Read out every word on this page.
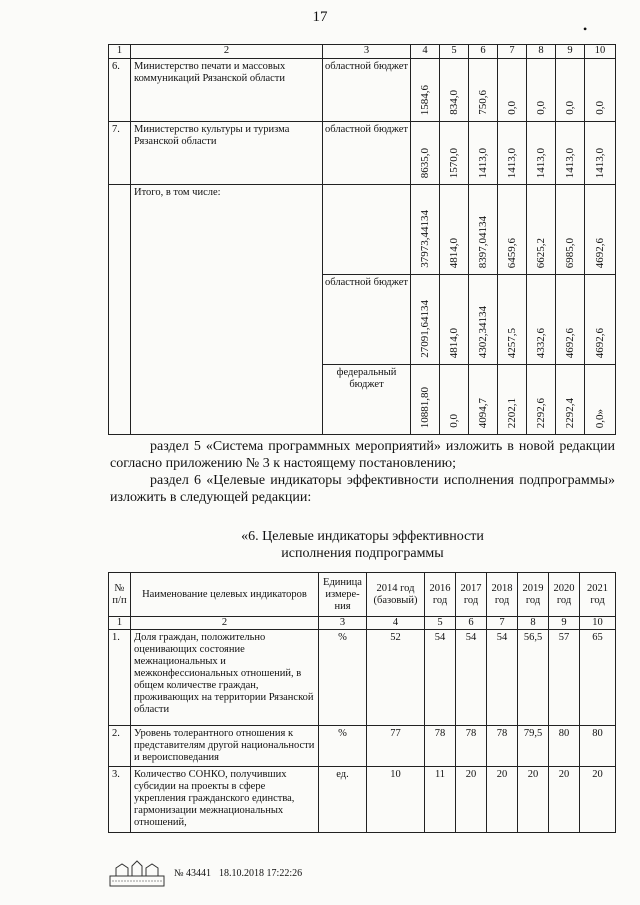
17
•
1	2	3	4	5	6	7	8	9	10
6.	Министерство печати и массовых коммуникаций Рязанской области	областной бюджет	1584,6	834,0	750,6	0,0	0,0	0,0	0,0

7.	Министерство культуры и туризма Рязанской области	областной бюджет	8635,0	1570,0	1413,0	1413,0	1413,0	1413,0	1413,0

	Итого, в том числе:		37973,44134	4814,0	8397,04134	6459,6	6625,2	6985,0	4692,6

		областной бюджет	27091,64134	4814,0	4302,34134	4257,5	4332,6	4692,6	4692,6

		федеральный бюджет	10881,80	0,0	4094,7	2202,1	2292,6	2292,4	0,0»
раздел 5 «Система программных мероприятий» изложить в новой редакции согласно приложению № 3 к настоящему постановлению;
раздел 6 «Целевые индикаторы эффективности исполнения подпрограммы» изложить в следующей редакции:
«6. Целевые индикаторы эффективности
исполнения подпрограммы
№ п/п	Наименование целевых индикаторов	Единица измере-ния	2014 год (базовый)	2016 год	2017 год	2018 год	2019 год	2020 год	2021 год
1	2	3	4	5	6	7	8	9	10
1.	Доля граждан, положительно оценивающих состояние межнациональных и межконфессиональных отношений, в общем количестве граждан, проживающих на территории Рязанской области	%	52	54	54	54	56,5	57	65
2.	Уровень толерантного отношения к представителям другой национальности и вероисповедания	%	77	78	78	78	79,5	80	80
3.	Количество СОНКО, получивших субсидии на проекты в сфере укрепления гражданского единства, гармонизации межнациональных отношений,	ед.	10	11	20	20	20	20	20
№ 43441 18.10.2018 17:22:26
